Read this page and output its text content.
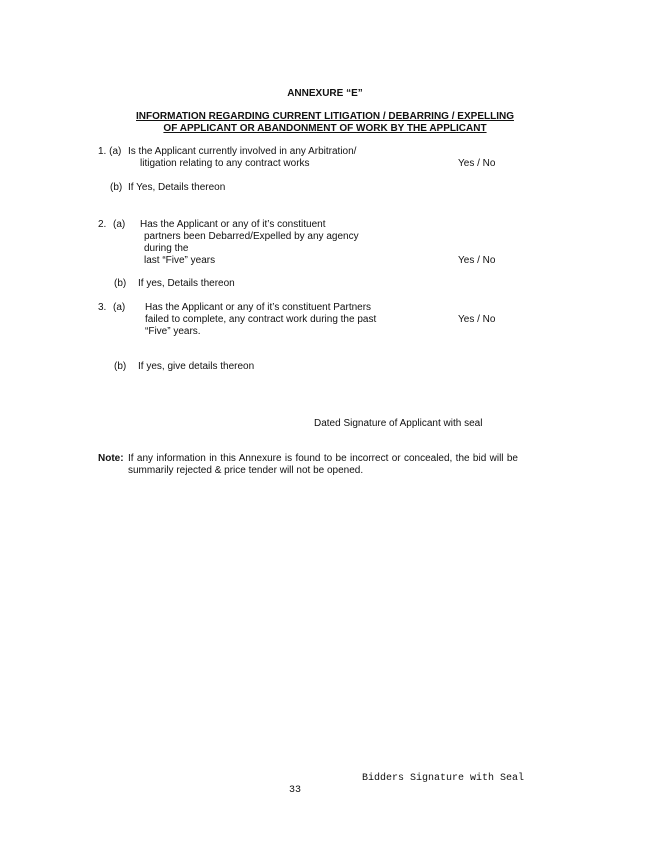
ANNEXURE “E”
INFORMATION REGARDING CURRENT LITIGATION / DEBARRING / EXPELLING
OF APPLICANT OR ABANDONMENT OF WORK BY THE APPLICANT
1. (a) Is the Applicant currently involved in any Arbitration/
litigation relating to any contract works	Yes / No
(b) If Yes, Details thereon
2. (a) Has the Applicant or any of it’s constituent
partners been Debarred/Expelled by any agency
during the
last “Five” years	Yes / No
(b) If yes, Details thereon
3. (a) Has the Applicant or any of it’s constituent Partners
failed to complete, any contract work during the past	Yes / No
“Five” years.
(b) If yes, give details thereon
Dated Signature of Applicant with seal
Note: If any information in this Annexure is found to be incorrect or concealed, the bid will be summarily rejected & price tender will not be opened.
Bidders Signature with Seal
33
